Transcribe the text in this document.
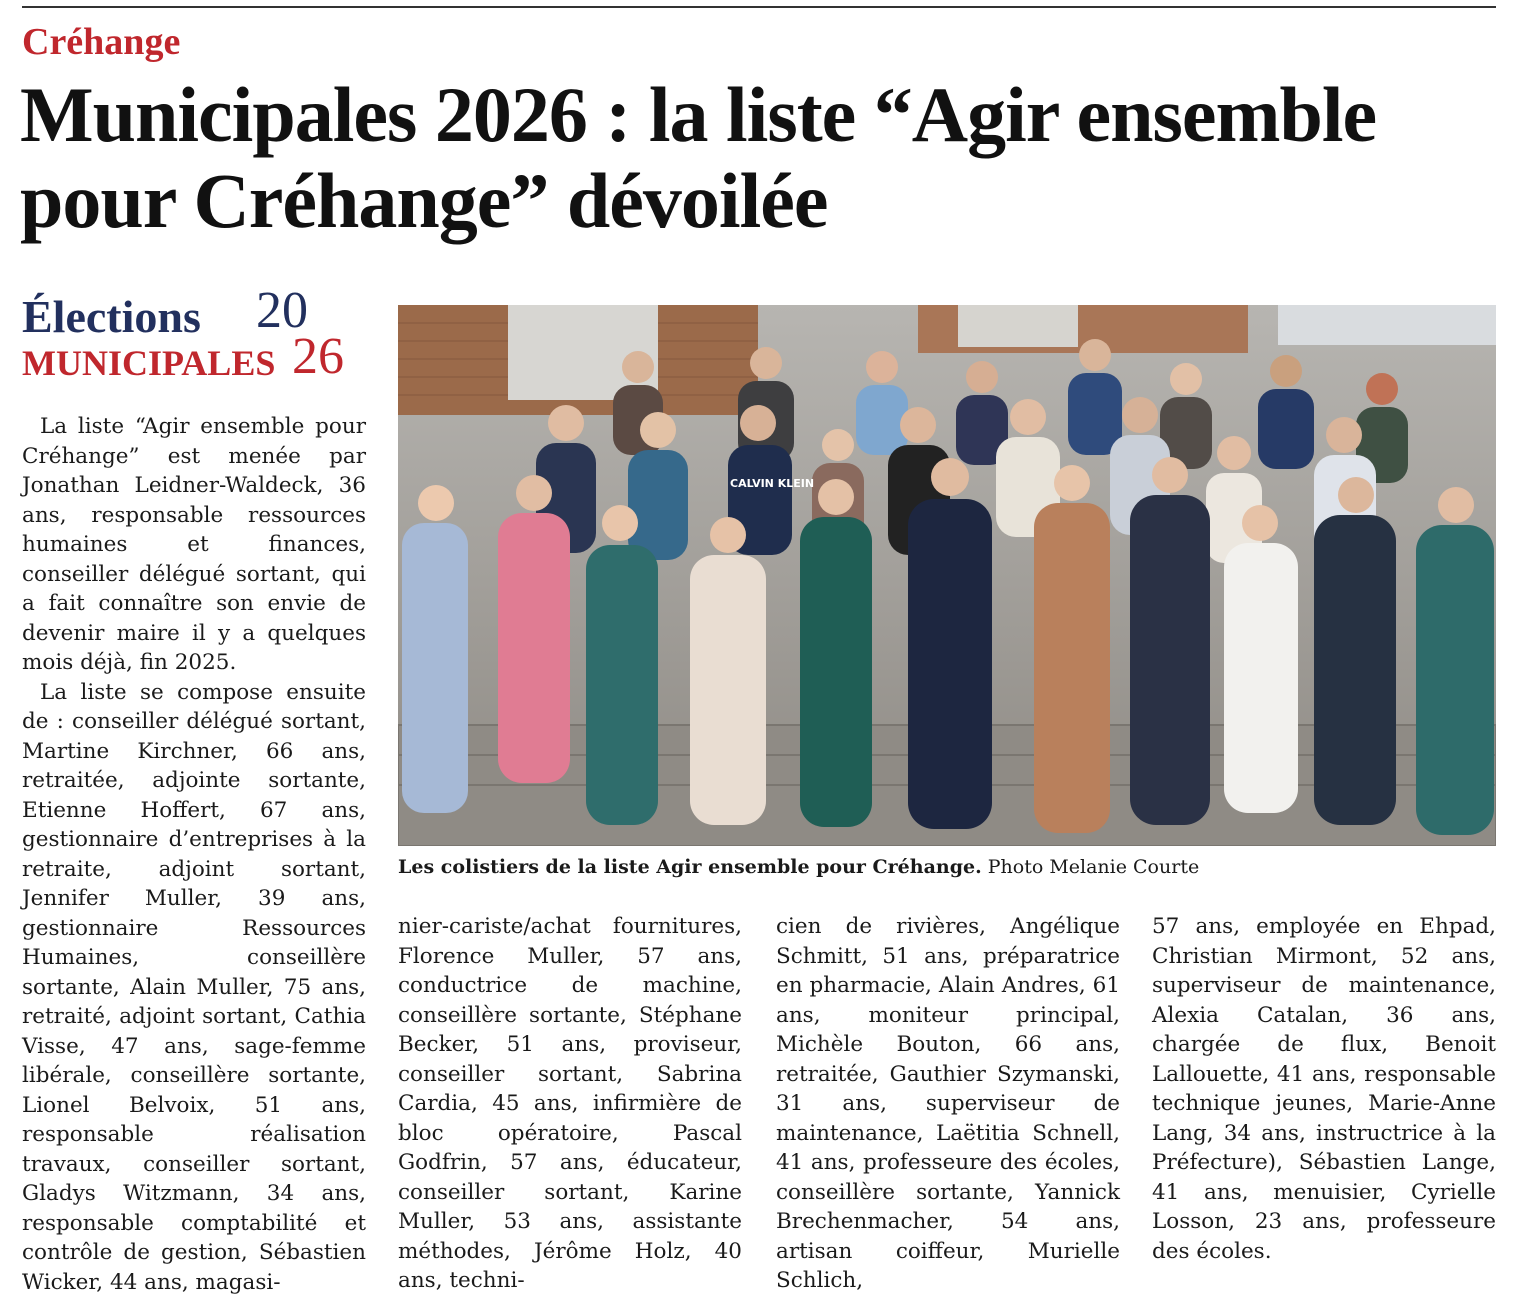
Créhange
Municipales 2026 : la liste “Agir ensemble pour Créhange” dévoilée
Élections
MUNICIPALES
20
26

La liste “Agir ensemble pour Créhange” est menée par Jonathan Leidner-Waldeck, 36 ans, responsable ressources humaines et finances, conseiller délégué sortant, qui a fait connaître son envie de devenir maire il y a quelques mois déjà, fin 2025.

La liste se compose ensuite de : conseiller délégué sortant, Martine Kirchner, 66 ans, retraitée, adjointe sortante, Etienne Hoffert, 67 ans, gestionnaire d’entreprises à la retraite, adjoint sortant, Jennifer Muller, 39 ans, gestionnaire Ressources Humaines, conseillère sortante, Alain Muller, 75 ans, retraité, adjoint sortant, Cathia Visse, 47 ans, sage-femme libérale, conseillère sortante, Lionel Belvoix, 51 ans, responsable réalisation travaux, conseiller sortant, Gladys Witzmann, 34 ans, responsable comptabilité et contrôle de gestion, Sébastien Wicker, 44 ans, magasi-

CALVIN KLEIN
Les colistiers de la liste Agir ensemble pour Créhange. Photo Melanie Courte

nier-cariste/achat fournitures, Florence Muller, 57 ans, conductrice de machine, conseillère sortante, Stéphane Becker, 51 ans, proviseur, conseiller sortant, Sabrina Cardia, 45 ans, infirmière de bloc opératoire, Pascal Godfrin, 57 ans, éducateur, conseiller sortant, Karine Muller, 53 ans, assistante méthodes, Jérôme Holz, 40 ans, techni-

cien de rivières, Angélique Schmitt, 51 ans, préparatrice en pharmacie, Alain Andres, 61 ans, moniteur principal, Michèle Bouton, 66 ans, retraitée, Gauthier Szymanski, 31 ans, superviseur de maintenance, Laëtitia Schnell, 41 ans, professeure des écoles, conseillère sortante, Yannick Brechenmacher, 54 ans, artisan coiffeur, Murielle Schlich,

57 ans, employée en Ehpad, Christian Mirmont, 52 ans, superviseur de maintenance, Alexia Catalan, 36 ans, chargée de flux, Benoit Lallouette, 41 ans, responsable technique jeunes, Marie-Anne Lang, 34 ans, instructrice à la Préfecture), Sébastien Lange, 41 ans, menuisier, Cyrielle Losson, 23 ans, professeure des écoles.
